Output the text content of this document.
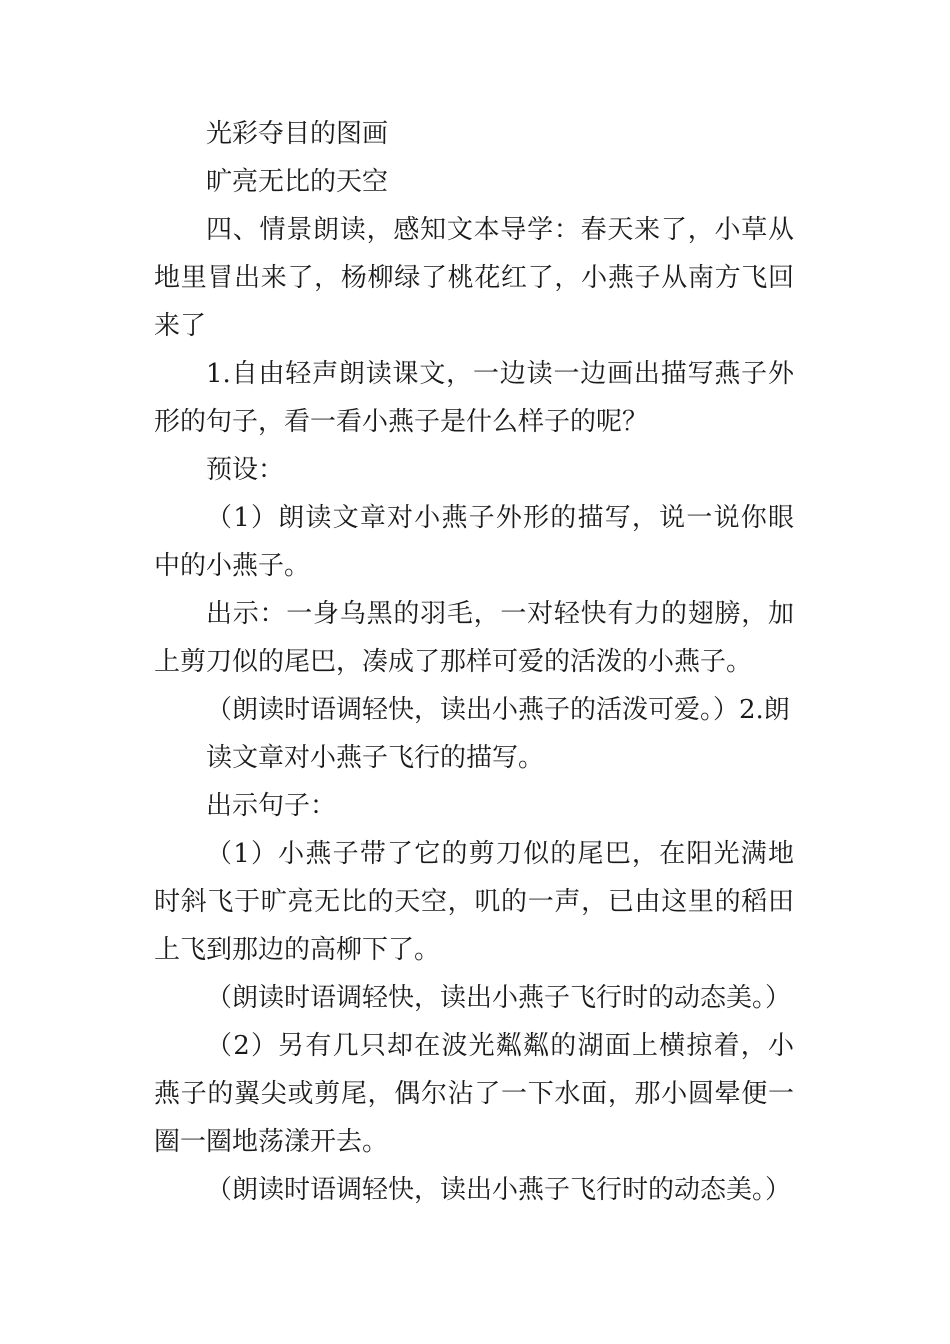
光彩夺目的图画

旷亮无比的天空

四、情景朗读，感知文本导学：春天来了，小草从地里冒出来了，杨柳绿了桃花红了，小燕子从南方飞回来了

1.自由轻声朗读课文，一边读一边画出描写燕子外形的句子，看一看小燕子是什么样子的呢？

预设：

（1）朗读文章对小燕子外形的描写，说一说你眼中的小燕子。

出示：一身乌黑的羽毛，一对轻快有力的翅膀，加上剪刀似的尾巴，凑成了那样可爱的活泼的小燕子。

（朗读时语调轻快，读出小燕子的活泼可爱。）2.朗

读文章对小燕子飞行的描写。

出示句子：

（1）小燕子带了它的剪刀似的尾巴，在阳光满地时斜飞于旷亮无比的天空，叽的一声，已由这里的稻田上飞到那边的高柳下了。

（朗读时语调轻快，读出小燕子飞行时的动态美。）

（2）另有几只却在波光粼粼的湖面上横掠着，小燕子的翼尖或剪尾，偶尔沾了一下水面，那小圆晕便一圈一圈地荡漾开去。

（朗读时语调轻快，读出小燕子飞行时的动态美。）
